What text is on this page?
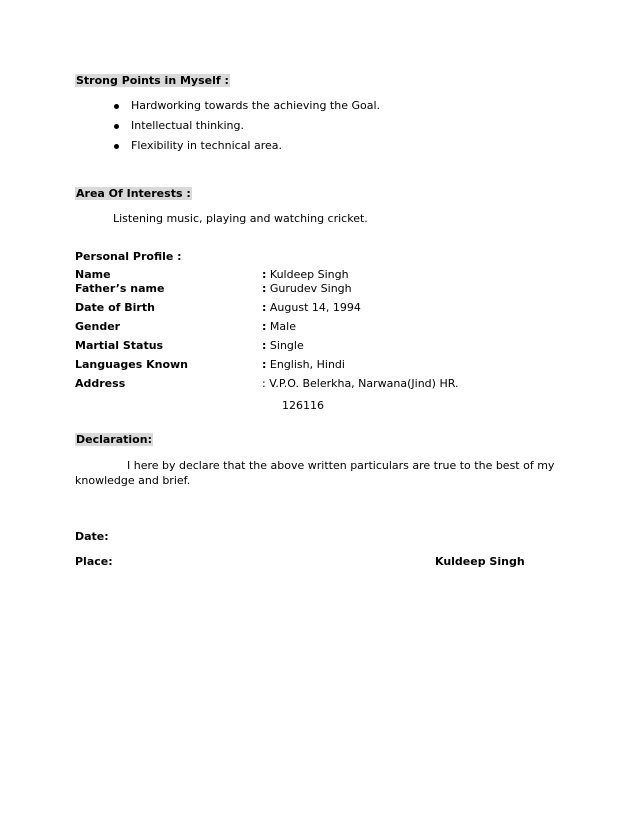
Strong Points in Myself :
Hardworking towards the achieving the Goal.
Intellectual thinking.
Flexibility in technical area.
Area Of Interests :
Listening music, playing and watching cricket.
Personal Profile :
Name	: Kuldeep Singh
Father’s name	: Gurudev Singh
Date of Birth	: August 14, 1994
Gender	: Male
Martial Status	: Single
Languages Known	: English, Hindi
Address	: V.P.O. Belerkha, Narwana(Jind) HR.
126116
Declaration:
I here by declare that the above written particulars are true to the best of my
knowledge and brief.
Date:
Place:	Kuldeep Singh
